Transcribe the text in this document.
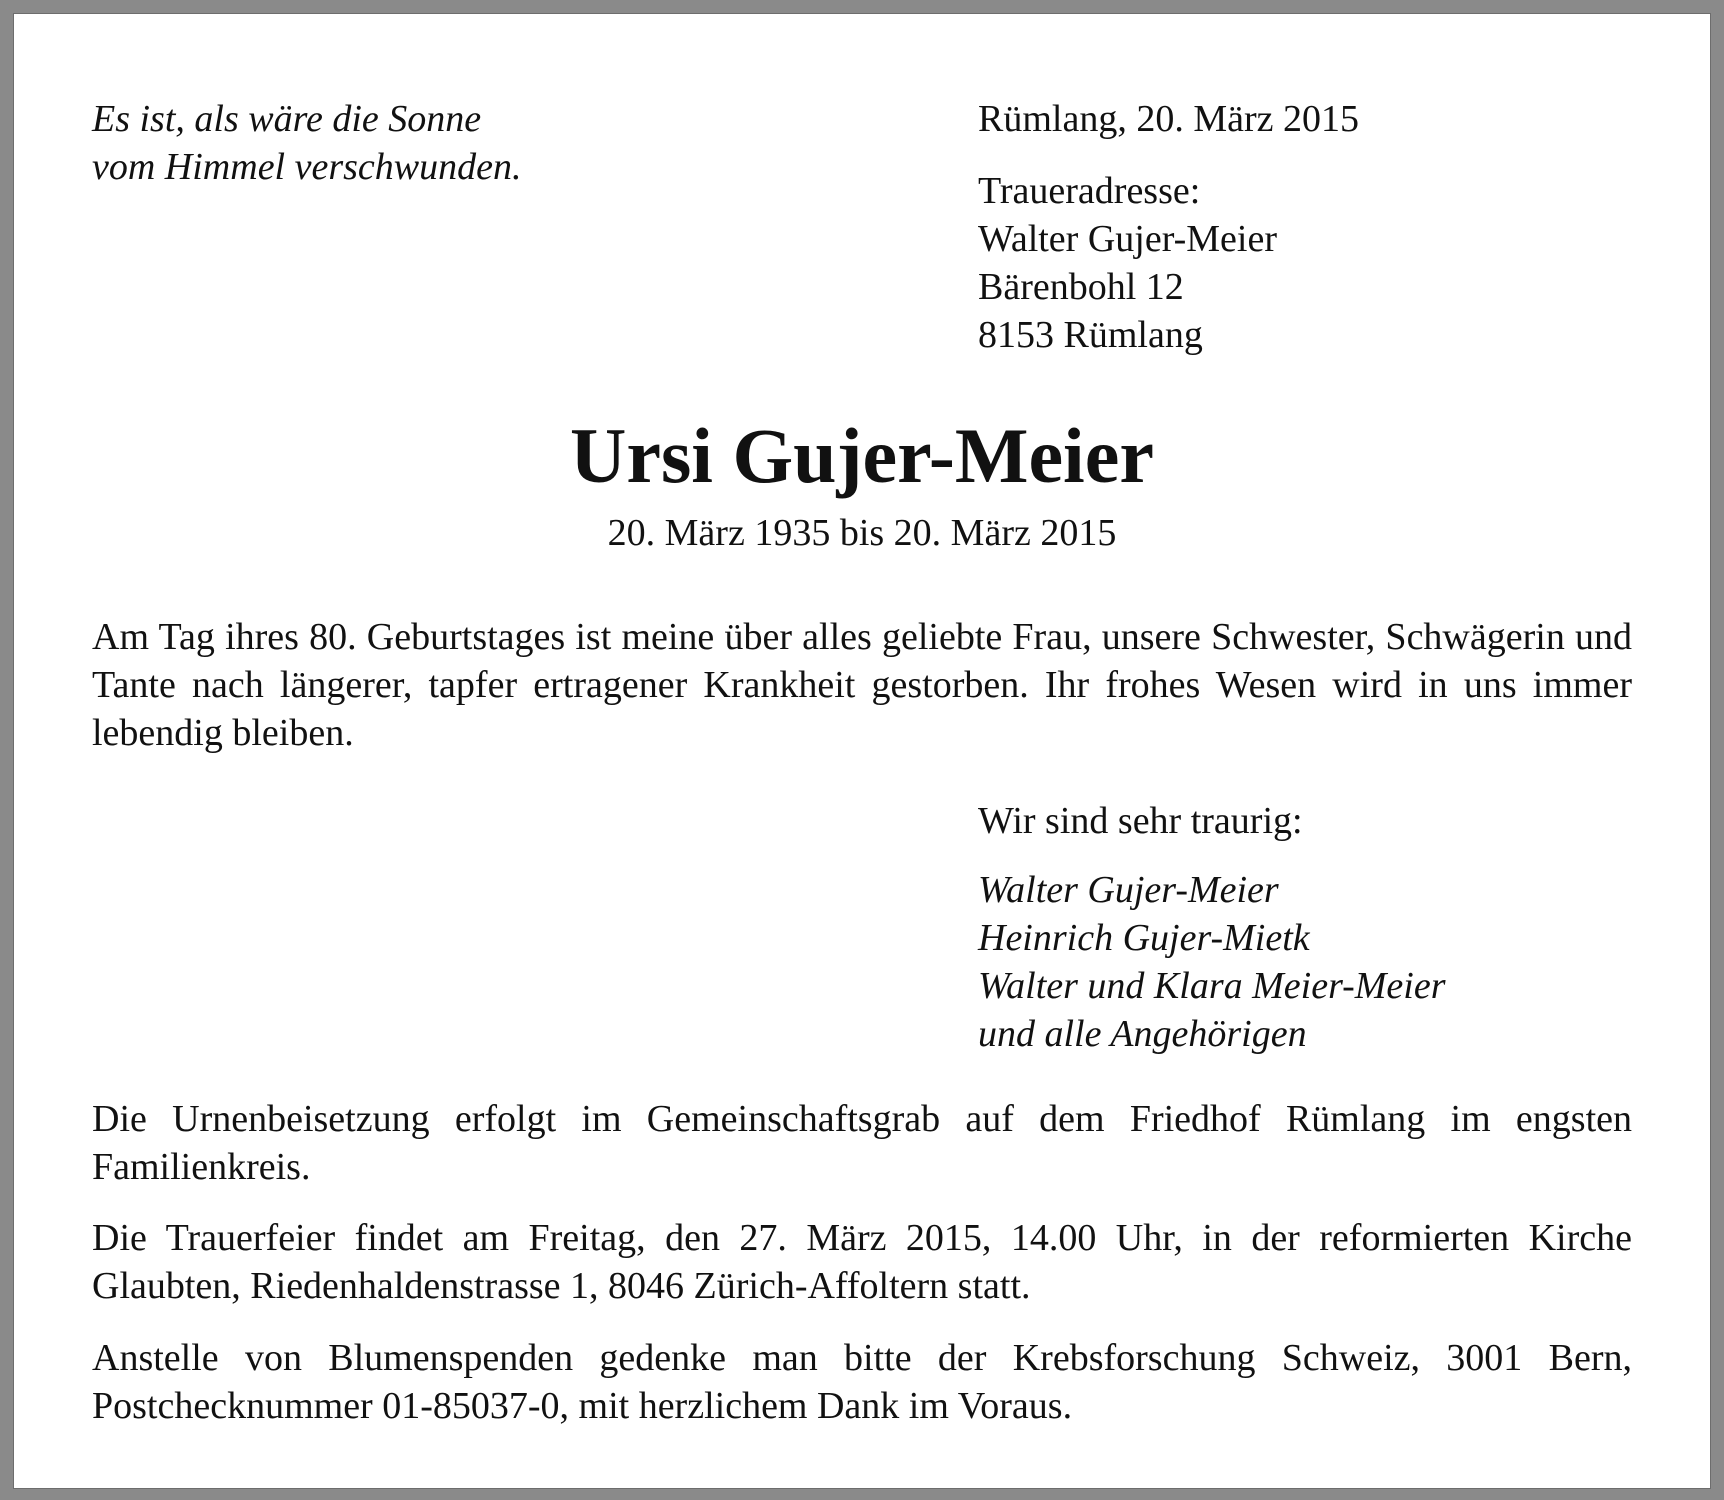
Es ist, als wäre die Sonne
vom Himmel verschwunden.
Rümlang, 20. März 2015
Traueradresse:
Walter Gujer-Meier
Bärenbohl 12
8153 Rümlang
Ursi Gujer-Meier
20. März 1935 bis 20. März 2015
Am Tag ihres 80. Geburtstages ist meine über alles geliebte Frau, unsere Schwester, Schwägerin und Tante nach längerer, tapfer ertragener Krankheit gestorben. Ihr frohes Wesen wird in uns immer lebendig bleiben.
Wir sind sehr traurig:
Walter Gujer-Meier
Heinrich Gujer-Mietk
Walter und Klara Meier-Meier
und alle Angehörigen
Die Urnenbeisetzung erfolgt im Gemeinschaftsgrab auf dem Friedhof Rümlang im engsten Familienkreis.
Die Trauerfeier findet am Freitag, den 27. März 2015, 14.00 Uhr, in der reformierten Kirche Glaubten, Riedenhaldenstrasse 1, 8046 Zürich-Affoltern statt.
Anstelle von Blumenspenden gedenke man bitte der Krebsforschung Schweiz, 3001 Bern, Postchecknummer 01-85037-0, mit herzlichem Dank im Voraus.
